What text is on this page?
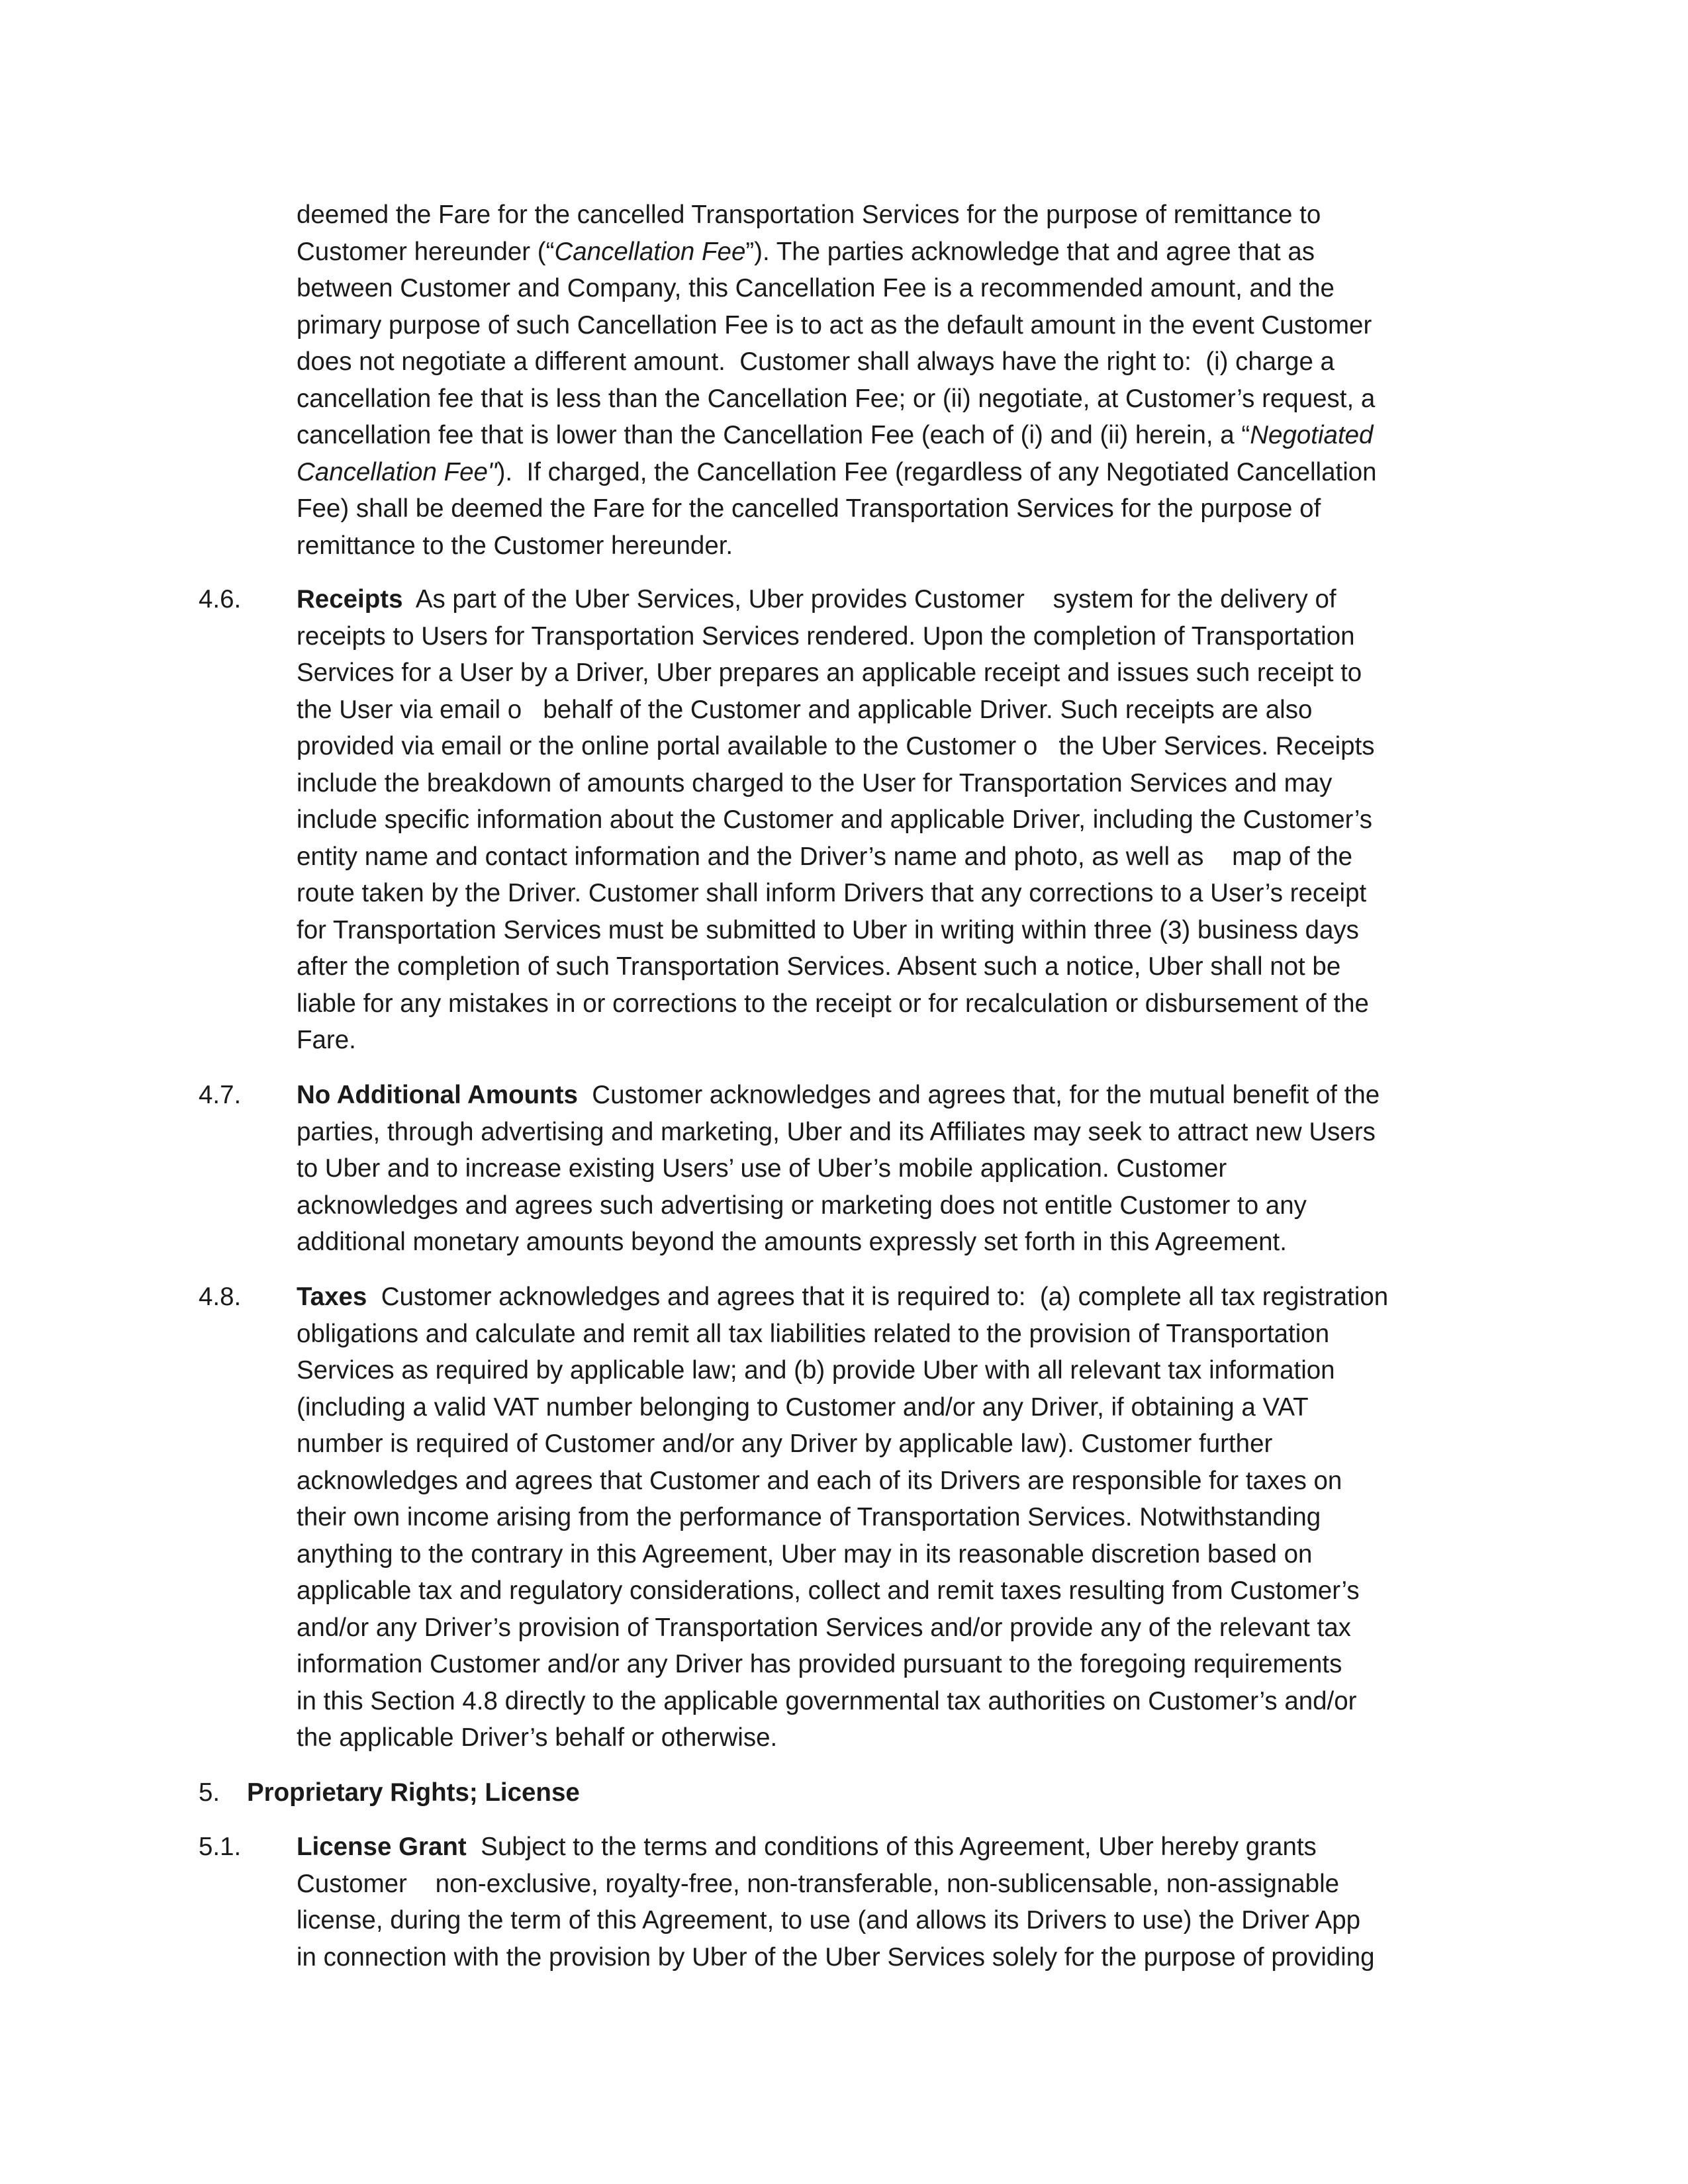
deemed the Fare for the cancelled Transportation Services for the purpose of remittance to
Customer hereunder (“Cancellation Fee”). The parties acknowledge that and agree that as
between Customer and Company, this Cancellation Fee is a recommended amount, and the
primary purpose of such Cancellation Fee is to act as the default amount in the event Customer
does not negotiate a different amount.  Customer shall always have the right to:  (i) charge a
cancellation fee that is less than the Cancellation Fee; or (ii) negotiate, at Customer’s request, a
cancellation fee that is lower than the Cancellation Fee (each of (i) and (ii) herein, a “Negotiated
Cancellation Fee").  If charged, the Cancellation Fee (regardless of any Negotiated Cancellation
Fee) shall be deemed the Fare for the cancelled Transportation Services for the purpose of
remittance to the Customer hereunder.
4.6. Receipts  As part of the Uber Services, Uber provides Customer    system for the delivery of
receipts to Users for Transportation Services rendered. Upon the completion of Transportation
Services for a User by a Driver, Uber prepares an applicable receipt and issues such receipt to
the User via email o   behalf of the Customer and applicable Driver. Such receipts are also
provided via email or the online portal available to the Customer o   the Uber Services. Receipts
include the breakdown of amounts charged to the User for Transportation Services and may
include specific information about the Customer and applicable Driver, including the Customer’s
entity name and contact information and the Driver’s name and photo, as well as    map of the
route taken by the Driver. Customer shall inform Drivers that any corrections to a User’s receipt
for Transportation Services must be submitted to Uber in writing within three (3) business days
after the completion of such Transportation Services. Absent such a notice, Uber shall not be
liable for any mistakes in or corrections to the receipt or for recalculation or disbursement of the
Fare.
4.7. No Additional Amounts  Customer acknowledges and agrees that, for the mutual benefit of the
parties, through advertising and marketing, Uber and its Affiliates may seek to attract new Users
to Uber and to increase existing Users’ use of Uber’s mobile application. Customer
acknowledges and agrees such advertising or marketing does not entitle Customer to any
additional monetary amounts beyond the amounts expressly set forth in this Agreement.
4.8. Taxes  Customer acknowledges and agrees that it is required to:  (a) complete all tax registration
obligations and calculate and remit all tax liabilities related to the provision of Transportation
Services as required by applicable law; and (b) provide Uber with all relevant tax information
(including a valid VAT number belonging to Customer and/or any Driver, if obtaining a VAT
number is required of Customer and/or any Driver by applicable law). Customer further
acknowledges and agrees that Customer and each of its Drivers are responsible for taxes on
their own income arising from the performance of Transportation Services. Notwithstanding
anything to the contrary in this Agreement, Uber may in its reasonable discretion based on
applicable tax and regulatory considerations, collect and remit taxes resulting from Customer’s
and/or any Driver’s provision of Transportation Services and/or provide any of the relevant tax
information Customer and/or any Driver has provided pursuant to the foregoing requirements
in this Section 4.8 directly to the applicable governmental tax authorities on Customer’s and/or
the applicable Driver’s behalf or otherwise.
5. Proprietary Rights; License
5.1. License Grant  Subject to the terms and conditions of this Agreement, Uber hereby grants
Customer    non-exclusive, royalty-free, non-transferable, non-sublicensable, non-assignable
license, during the term of this Agreement, to use (and allows its Drivers to use) the Driver App
in connection with the provision by Uber of the Uber Services solely for the purpose of providing
